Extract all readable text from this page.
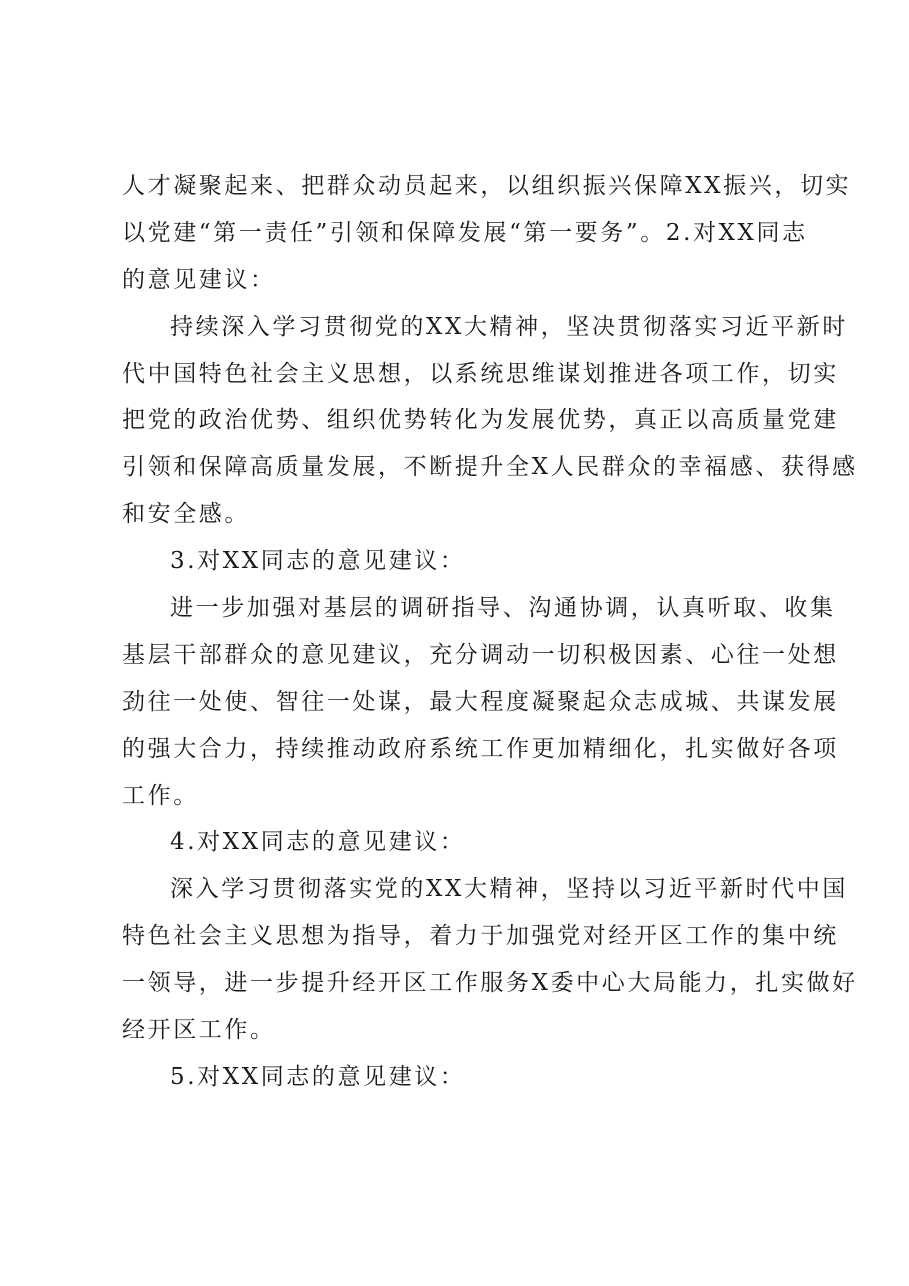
人才凝聚起来、把群众动员起来，以组织振兴保障XX振兴，切实
以党建“第一责任”引领和保障发展“第一要务”。2.对XX同志
的意见建议：
持续深入学习贯彻党的XX大精神，坚决贯彻落实习近平新时
代中国特色社会主义思想，以系统思维谋划推进各项工作，切实
把党的政治优势、组织优势转化为发展优势，真正以高质量党建
引领和保障高质量发展，不断提升全X人民群众的幸福感、获得感
和安全感。
3.对XX同志的意见建议：
进一步加强对基层的调研指导、沟通协调，认真听取、收集
基层干部群众的意见建议，充分调动一切积极因素、心往一处想
劲往一处使、智往一处谋，最大程度凝聚起众志成城、共谋发展
的强大合力，持续推动政府系统工作更加精细化，扎实做好各项
工作。
4.对XX同志的意见建议：
深入学习贯彻落实党的XX大精神，坚持以习近平新时代中国
特色社会主义思想为指导，着力于加强党对经开区工作的集中统
一领导，进一步提升经开区工作服务X委中心大局能力，扎实做好
经开区工作。
5.对XX同志的意见建议：
